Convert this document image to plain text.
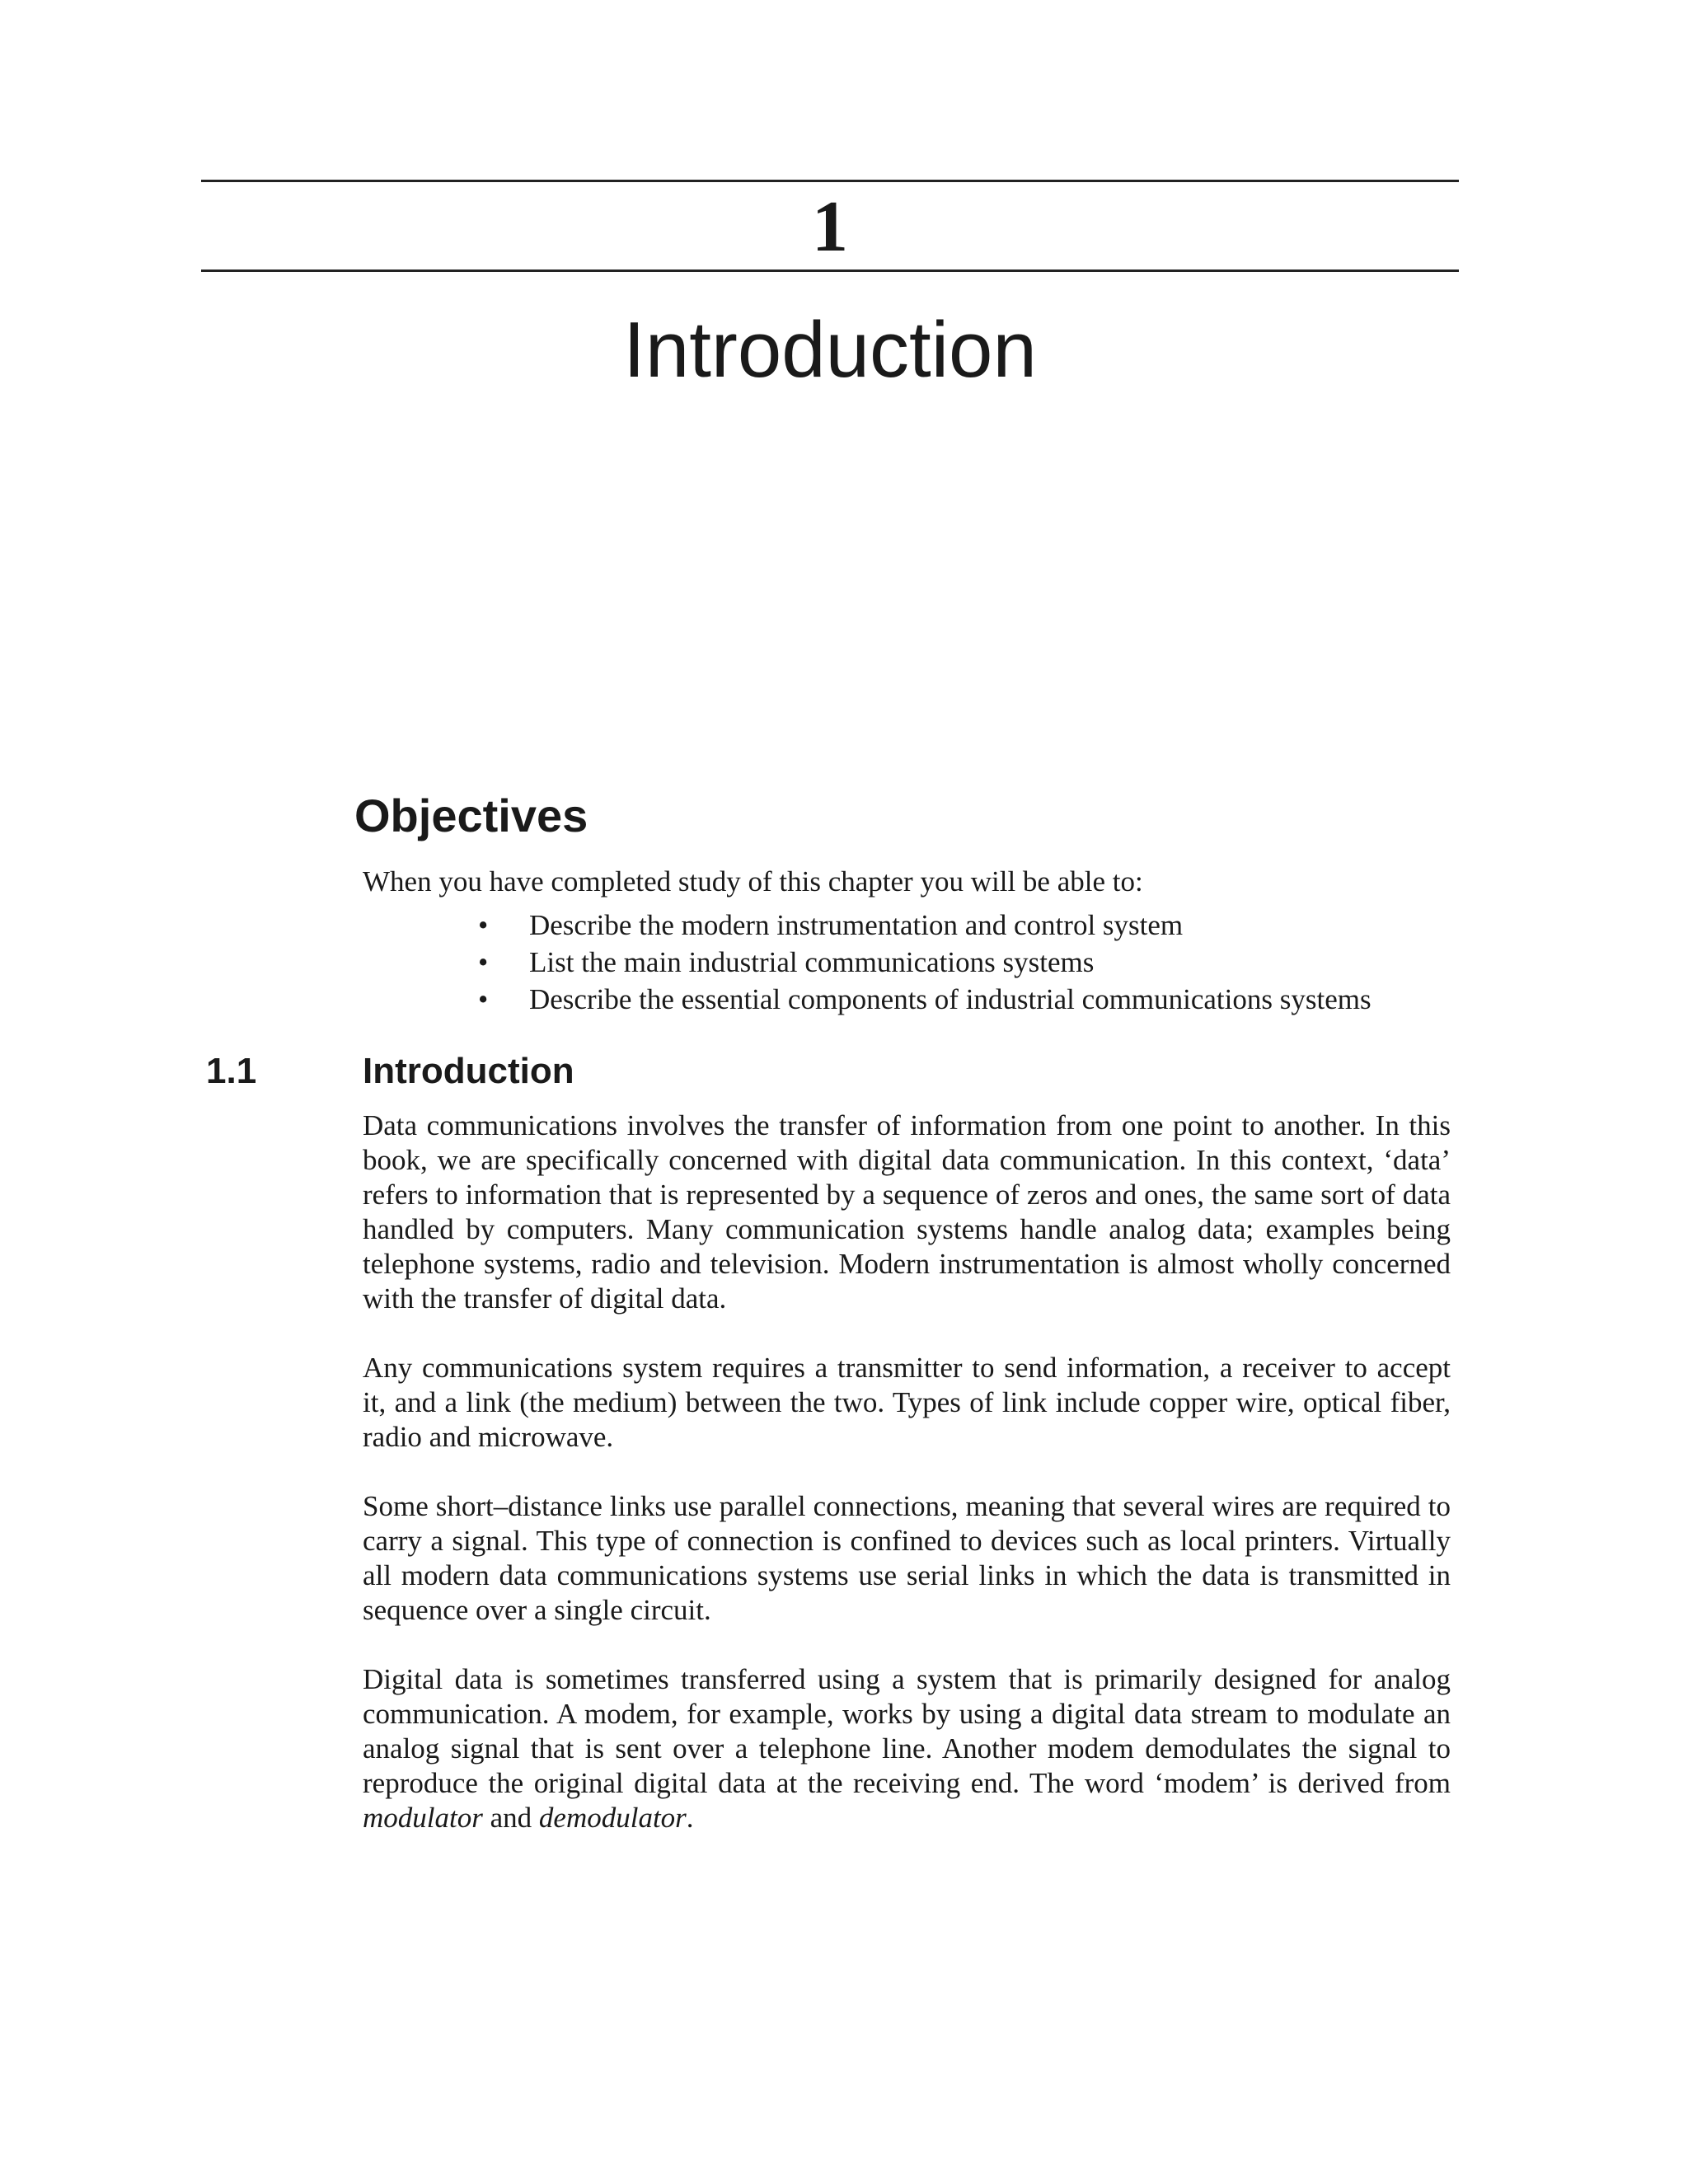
1
Introduction
Objectives
When you have completed study of this chapter you will be able to:
• Describe the modern instrumentation and control system
• List the main industrial communications systems
• Describe the essential components of industrial communications systems
1.1	Introduction

Data communications involves the transfer of information from one point to another. In this book, we are specifically concerned with digital data communication. In this context, ‘data’ refers to information that is represented by a sequence of zeros and ones, the same sort of data handled by computers. Many communication systems handle analog data; examples being telephone systems, radio and television. Modern instrumentation is almost wholly concerned with the transfer of digital data.

Any communications system requires a transmitter to send information, a receiver to accept it, and a link (the medium) between the two. Types of link include copper wire, optical fiber, radio and microwave.

Some short–distance links use parallel connections, meaning that several wires are required to carry a signal. This type of connection is confined to devices such as local printers. Virtually all modern data communications systems use serial links in which the data is transmitted in sequence over a single circuit.

Digital data is sometimes transferred using a system that is primarily designed for analog communication. A modem, for example, works by using a digital data stream to modulate an analog signal that is sent over a telephone line. Another modem demodulates the signal to reproduce the original digital data at the receiving end. The word ‘modem’ is derived from modulator and demodulator.
